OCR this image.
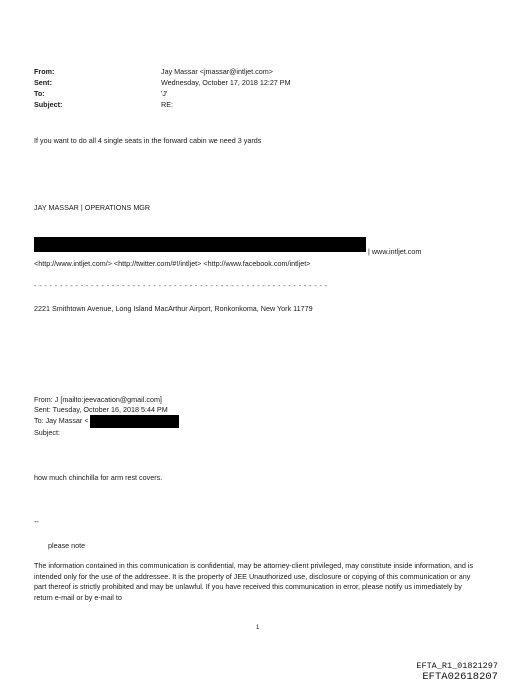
From:	Jay Massar <jmassar@intljet.com>
Sent:	Wednesday, October 17, 2018 12:27 PM
To:	'J'
Subject:	RE:
If you want to do all 4 single seats in the forward cabin we need 3 yards
JAY MASSAR | OPERATIONS MGR
| www.intljet.com
<http://www.intljet.com/> <http://twitter.com/#!/intljet> <http://www.facebook.com/intljet>
- - - - - - - - - - - - - - - - - - - - - - - - - - - - - - - - - - - - - - - - - - - - - - - - - - - - - - - - -
2221 Smithtown Avenue, Long Island MacArthur Airport, Ronkonkoma, New York 11779
From: J [mailto:jeevacation@gmail.com]
Sent: Tuesday, October 16, 2018 5:44 PM
To: Jay Massar <
Subject:
how much chinchilla for arm rest covers.
--
please note
The information contained in this communication is confidential, may be attorney-client privileged, may constitute inside information, and is intended only for the use of the addressee. It is the property of JEE Unauthorized use, disclosure or copying of this communication or any part thereof is strictly prohibited and may be unlawful. If you have received this communication in error, please notify us immediately by return e-mail or by e-mail to
1
EFTA_R1_01821297
EFTA02618207
